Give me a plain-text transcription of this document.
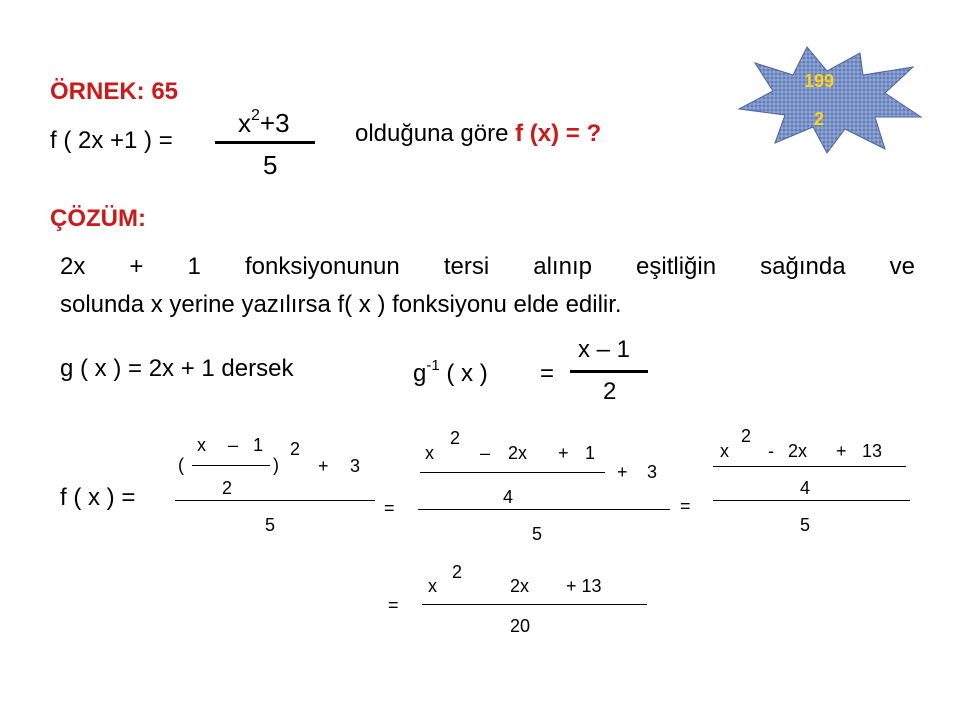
ÖRNEK: 65	199
2
f ( 2x +1 ) =
$x^2+3$
5
olduğuna göre f (x) = ?
ÇÖZÜM:
2x + 1 fonksiyonunun tersi alınıp eşitliğin sağında ve
solunda x yerine yazılırsa f( x ) fonksiyonu elde edilir.
g ( x ) = 2x + 1 dersek	$g^{-1}$ ( x ) =
x – 1
2
f ( x ) =
(
x – 1
)
2
+ 3
2
5
=
x
2
– 2x + 1
+ 3
4
5
=
x
2
- 2x + 13
4
5
=
x
2
2x + 13
20
